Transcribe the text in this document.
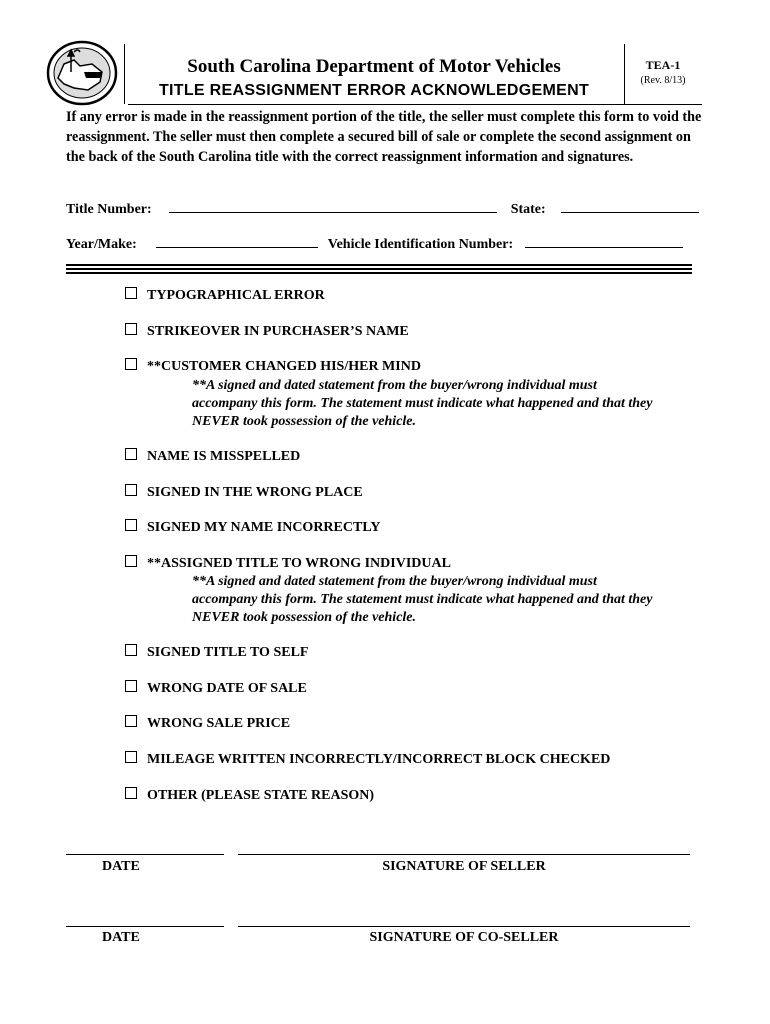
South Carolina Department of Motor Vehicles
TITLE REASSIGNMENT ERROR ACKNOWLEDGEMENT
TEA-1
(Rev. 8/13)
If any error is made in the reassignment portion of the title, the seller must complete this form to void the reassignment. The seller must then complete a secured bill of sale or complete the second assignment on the back of the South Carolina title with the correct reassignment information and signatures.
Title Number:	State:
Year/Make:	Vehicle Identification Number:
TYPOGRAPHICAL ERROR
STRIKEOVER IN PURCHASER’S NAME
**CUSTOMER CHANGED HIS/HER MIND
**A signed and dated statement from the buyer/wrong individual must
accompany this form. The statement must indicate what happened and that they
NEVER took possession of the vehicle.
NAME IS MISSPELLED
SIGNED IN THE WRONG PLACE
SIGNED MY NAME INCORRECTLY
**ASSIGNED TITLE TO WRONG INDIVIDUAL
**A signed and dated statement from the buyer/wrong individual must
accompany this form. The statement must indicate what happened and that they
NEVER took possession of the vehicle.
SIGNED TITLE TO SELF
WRONG DATE OF SALE
WRONG SALE PRICE
MILEAGE WRITTEN INCORRECTLY/INCORRECT BLOCK CHECKED
OTHER (PLEASE STATE REASON)
DATE	SIGNATURE OF SELLER
DATE	SIGNATURE OF CO-SELLER
